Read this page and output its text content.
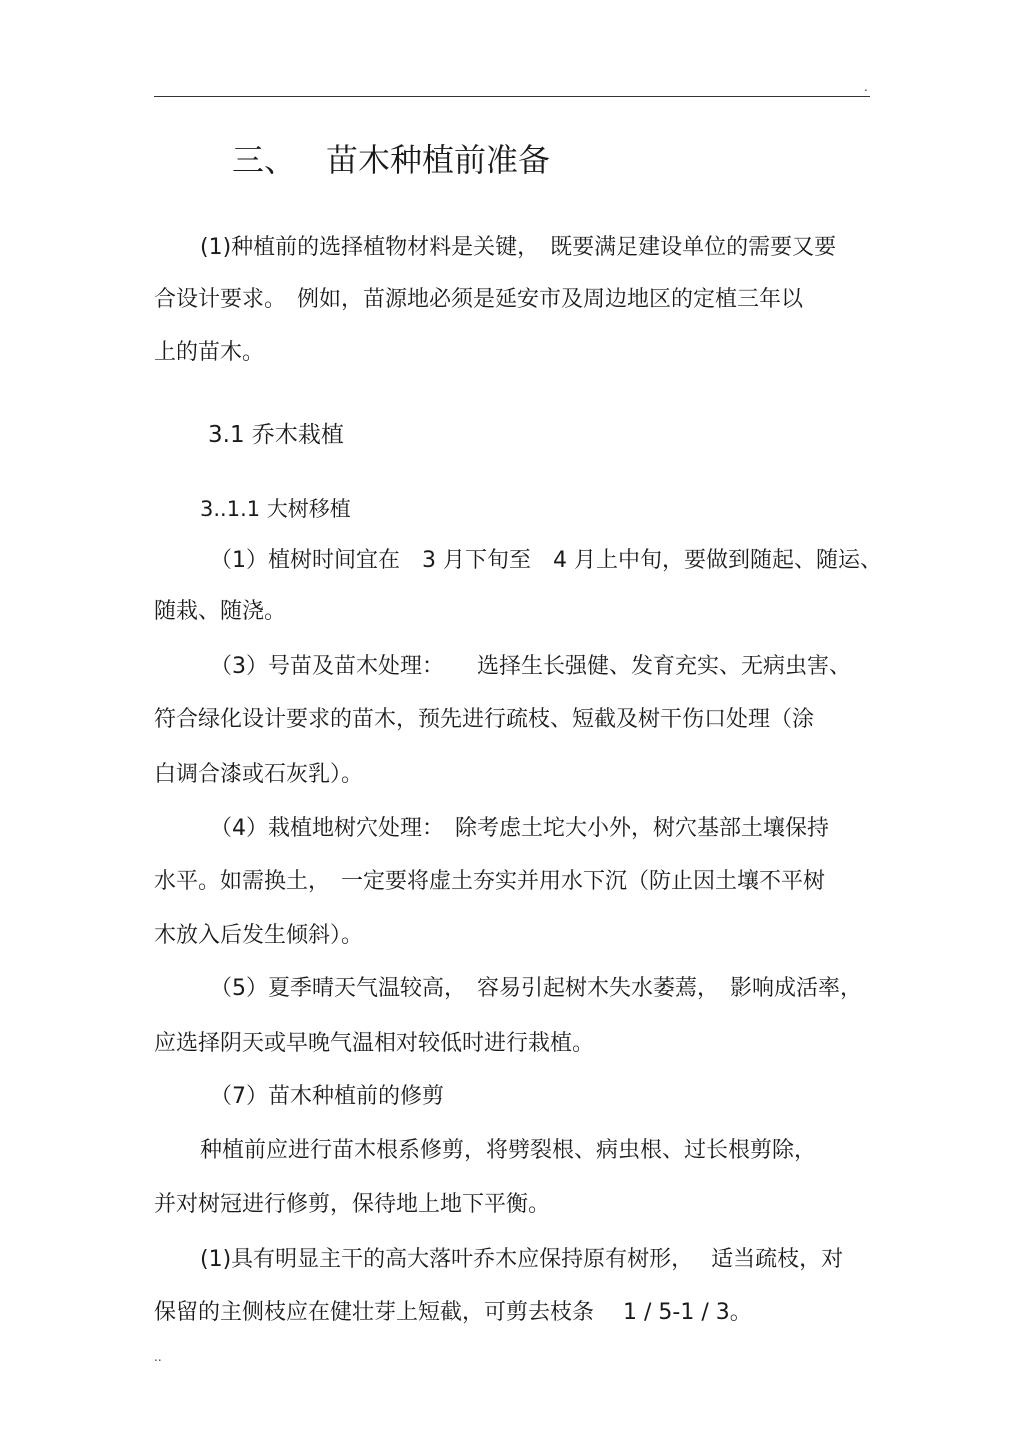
.
三、 苗木种植前准备
(1)种植前的选择植物材料是关键，　既要满足建设单位的需要又要
合设计要求。　例如，苗源地必须是延安市及周边地区的定植三年以
上的苗木。
3.1 乔木栽植
3..1.1 大树移植
（1）植树时间宜在　3 月下旬至　4 月上中旬，要做到随起、随运、
随栽、随浇。
（3）号苗及苗木处理：　　选择生长强健、发育充实、无病虫害、
符合绿化设计要求的苗木，预先进行疏枝、短截及树干伤口处理（涂
白调合漆或石灰乳）。
（4）栽植地树穴处理：　除考虑土坨大小外，树穴基部土壤保持
水平。如需换土，　一定要将虚土夯实并用水下沉（防止因土壤不平树
木放入后发生倾斜）。
（5）夏季晴天气温较高，　容易引起树木失水萎蔫，　影响成活率，
应选择阴天或早晚气温相对较低时进行栽植。
（7）苗木种植前的修剪
种植前应进行苗木根系修剪，将劈裂根、病虫根、过长根剪除，
并对树冠进行修剪，保待地上地下平衡。
(1)具有明显主干的高大落叶乔木应保持原有树形，　 适当疏枝，对
保留的主侧枝应在健壮芽上短截，可剪去枝条　 1 / 5-1 / 3。
..
